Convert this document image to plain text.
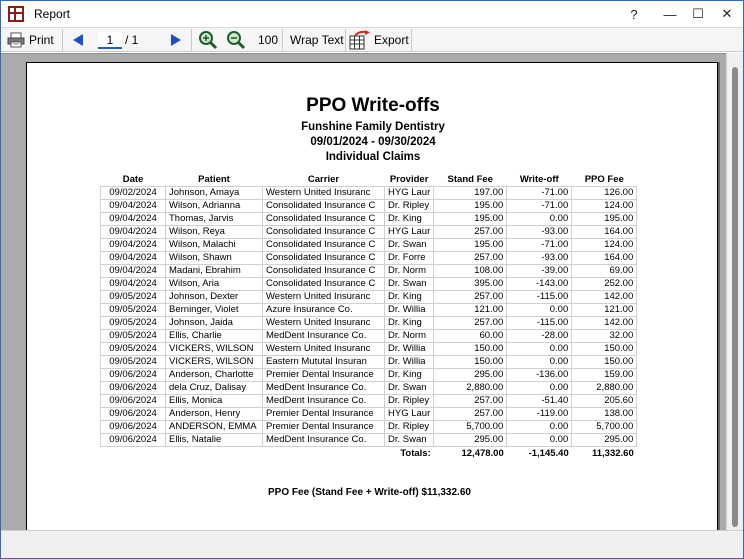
Report	?	—	☐	✕
Print	1 / 1	100 Wrap Text	Export
PPO Write-offs
Funshine Family Dentistry
09/01/2024 - 09/30/2024
Individual Claims
Date	Patient	Carrier	Provider	Stand Fee	Write-off	PPO Fee
09/02/2024	Johnson, Amaya	Western United Insuranc	HYG Laur	197.00	-71.00	126.00
09/04/2024	Wilson, Adrianna	Consolidated Insurance C	Dr. Ripley	195.00	-71.00	124.00
09/04/2024	Thomas, Jarvis	Consolidated Insurance C	Dr. King	195.00	0.00	195.00
09/04/2024	Wilson, Reya	Consolidated Insurance C	HYG Laur	257.00	-93.00	164.00
09/04/2024	Wilson, Malachi	Consolidated Insurance C	Dr. Swan	195.00	-71.00	124.00
09/04/2024	Wilson, Shawn	Consolidated Insurance C	Dr. Forre	257.00	-93.00	164.00
09/04/2024	Madani, Ebrahim	Consolidated Insurance C	Dr. Norm	108.00	-39.00	69.00
09/04/2024	Wilson, Aria	Consolidated Insurance C	Dr. Swan	395.00	-143.00	252.00
09/05/2024	Johnson, Dexter	Western United Insuranc	Dr. King	257.00	-115.00	142.00
09/05/2024	Berninger, Violet	Azure Insurance Co.	Dr. Willia	121.00	0.00	121.00
09/05/2024	Johnson, Jaida	Western United Insuranc	Dr. King	257.00	-115.00	142.00
09/05/2024	Ellis, Charlie	MedDent Insurance Co.	Dr. Norm	60.00	-28.00	32.00
09/05/2024	VICKERS, WILSON	Western United Insuranc	Dr. Willia	150.00	0.00	150.00
09/05/2024	VICKERS, WILSON	Eastern Mututal Insuran	Dr. Willia	150.00	0.00	150.00
09/06/2024	Anderson, Charlotte	Premier Dental Insurance	Dr. King	295.00	-136.00	159.00
09/06/2024	dela Cruz, Dalisay	MedDent Insurance Co.	Dr. Swan	2,880.00	0.00	2,880.00
09/06/2024	Ellis, Monica	MedDent Insurance Co.	Dr. Ripley	257.00	-51.40	205.60
09/06/2024	Anderson, Henry	Premier Dental Insurance	HYG Laur	257.00	-119.00	138.00
09/06/2024	ANDERSON, EMMA	Premier Dental Insurance	Dr. Ripley	5,700.00	0.00	5,700.00
09/06/2024	Ellis, Natalie	MedDent Insurance Co.	Dr. Swan	295.00	0.00	295.00
			Totals:	12,478.00	-1,145.40	11,332.60
PPO Fee (Stand Fee + Write-off) $11,332.60
